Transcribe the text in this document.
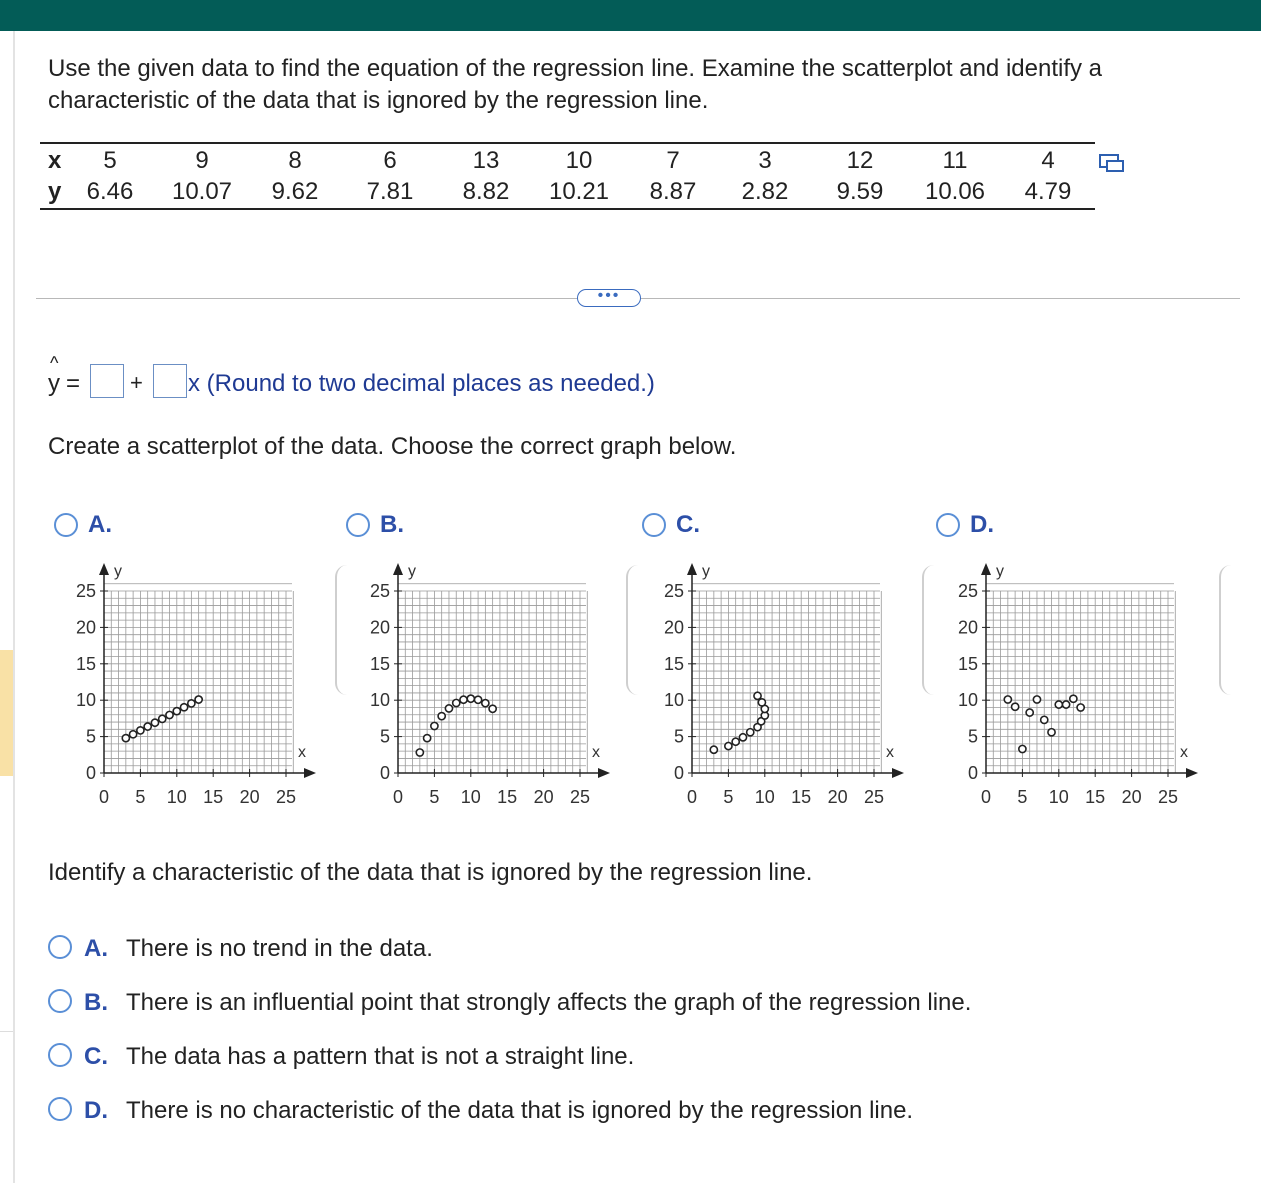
Use the given data to find the equation of the regression line. Examine the scatterplot and identify a characteristic of the data that is ignored by the regression line.
x	5	9	8	6	13	10	7	3	12	11	4
y	6.46	10.07	9.62	7.81	8.82	10.21	8.87	2.82	9.59	10.06	4.79
•••
y
^
= + x (Round to two decimal places as needed.)
Create a scatterplot of the data. Choose the correct graph below.
A.	B.	C.	D.
0 5 10 15 20 25
0
5
10
15
20
25
x
y
0 5 10 15 20 25
0
5
10
15
20
25
x
y
0 5 10 15 20 25
0
5
10
15
20
25
x
y
0 5 10 15 20 25
0
5
10
15
20
25
x
y
Identify a characteristic of the data that is ignored by the regression line.
A. There is no trend in the data.
B. There is an influential point that strongly affects the graph of the regression line.
C. The data has a pattern that is not a straight line.
D. There is no characteristic of the data that is ignored by the regression line.
